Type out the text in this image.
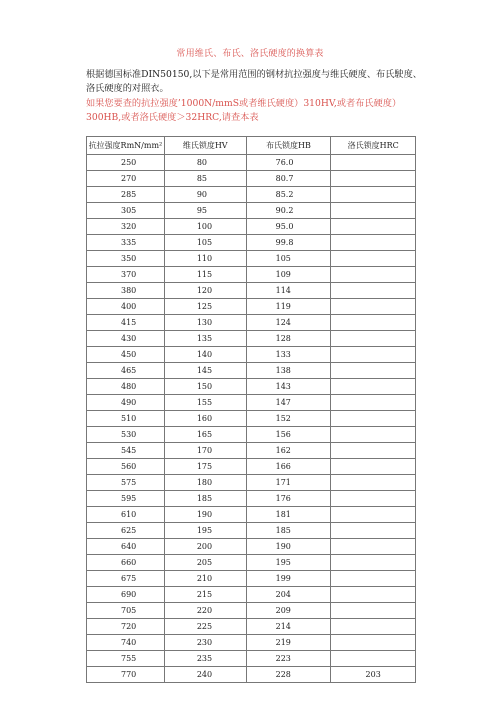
常用维氏、布氏、洛氏硬度的换算表
根据德国标准DIN50150,以下是常用范围的钢材抗拉强度与维氏硬度、布氏駛度、洛氏硬度的对照衣。
如果您要查的抗拉强度’1000N/mmS或者维氏硬度）310HV,或者布氏硬度）300HB,或者洛氏硬度＞32HRC,请查本表
抗拉强度RmN/mm²	维氏锁度HV	布氏锁度HB	洛氏锁度HRC
250	80	76.0	
270	85	80.7	
285	90	85.2	
305	95	90.2	
320	100	95.0	
335	105	99.8	
350	110	105	
370	115	109	
380	120	114	
400	125	119	
415	130	124	
430	135	128	
450	140	133	
465	145	138	
480	150	143	
490	155	147	
510	160	152	
530	165	156	
545	170	162	
560	175	166	
575	180	171	
595	185	176	
610	190	181	
625	195	185	
640	200	190	
660	205	195	
675	210	199	
690	215	204	
705	220	209	
720	225	214	
740	230	219	
755	235	223	
770	240	228	203
